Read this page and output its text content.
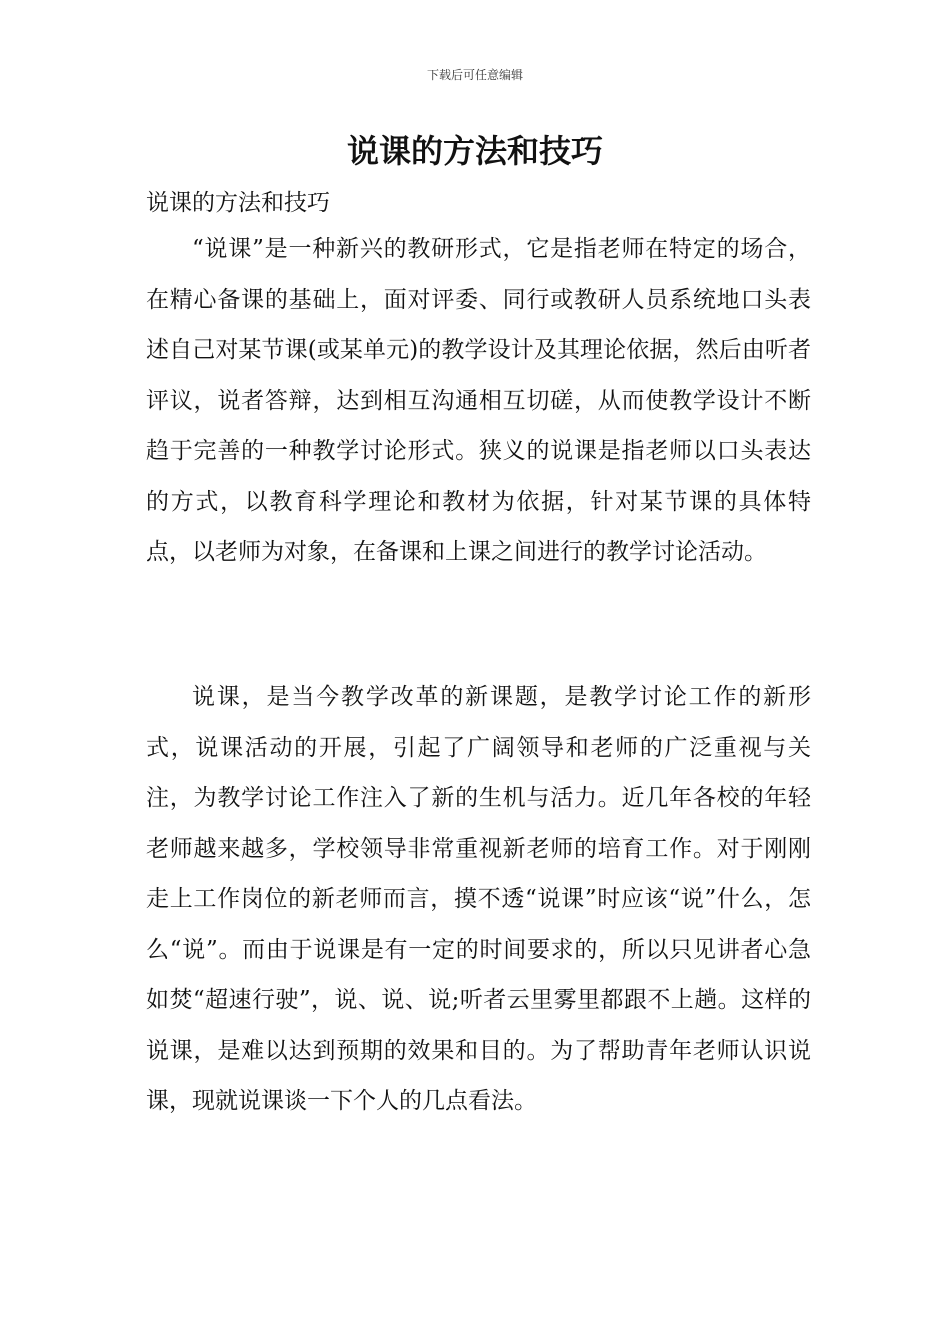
下载后可任意编辑
说课的方法和技巧

说课的方法和技巧

“说课”是一种新兴的教研形式，它是指老师在特定的场合，在精心备课的基础上，面对评委、同行或教研人员系统地口头表述自己对某节课(或某单元)的教学设计及其理论依据，然后由听者评议，说者答辩，达到相互沟通相互切磋，从而使教学设计不断趋于完善的一种教学讨论形式。狭义的说课是指老师以口头表达的方式，以教育科学理论和教材为依据，针对某节课的具体特点，以老师为对象，在备课和上课之间进行的教学讨论活动。

说课，是当今教学改革的新课题，是教学讨论工作的新形式，说课活动的开展，引起了广阔领导和老师的广泛重视与关注，为教学讨论工作注入了新的生机与活力。近几年各校的年轻老师越来越多，学校领导非常重视新老师的培育工作。对于刚刚走上工作岗位的新老师而言，摸不透“说课”时应该“说”什么，怎么“说”。而由于说课是有一定的时间要求的，所以只见讲者心急如焚“超速行驶”，说、说、说;听者云里雾里都跟不上趟。这样的说课，是难以达到预期的效果和目的。为了帮助青年老师认识说课，现就说课谈一下个人的几点看法。
